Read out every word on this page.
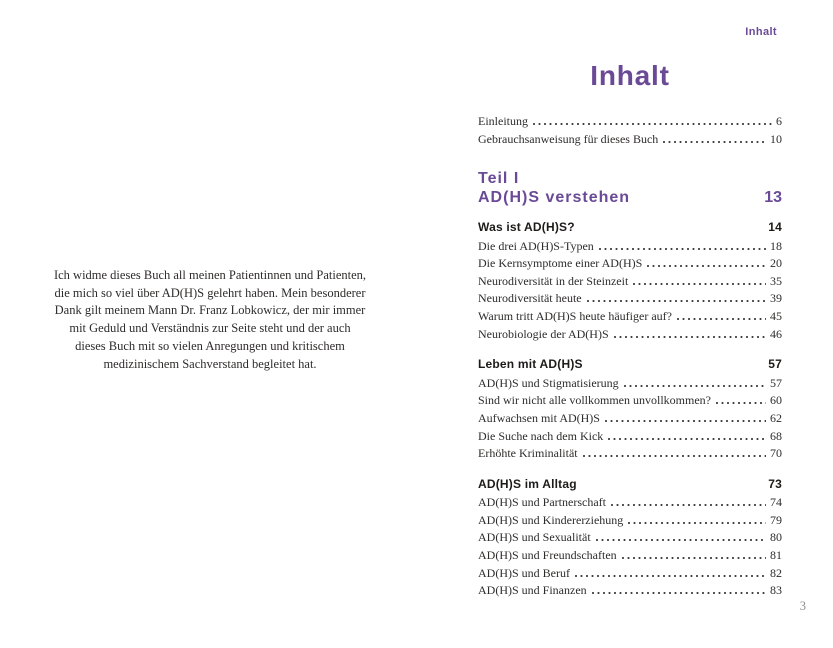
Ich widme dieses Buch all meinen Patientinnen und Patienten,
die mich so viel über AD(H)S gelehrt haben. Mein besonderer
Dank gilt meinem Mann Dr. Franz Lobkowicz, der mir immer
mit Geduld und Verständnis zur Seite steht und der auch
dieses Buch mit so vielen Anregungen und kritischem
medizinischem Sachverstand begleitet hat.
Inhalt
Inhalt
Einleitung	6
Gebrauchsanweisung für dieses Buch	10
Teil I
AD(H)S verstehen	13
Was ist AD(H)S?	14
Die drei AD(H)S-Typen	18
Die Kernsymptome einer AD(H)S	20
Neurodiversität in der Steinzeit	35
Neurodiversität heute	39
Warum tritt AD(H)S heute häufiger auf?	45
Neurobiologie der AD(H)S	46
Leben mit AD(H)S	57
AD(H)S und Stigmatisierung	57
Sind wir nicht alle vollkommen unvollkommen?	60
Aufwachsen mit AD(H)S	62
Die Suche nach dem Kick	68
Erhöhte Kriminalität	70
AD(H)S im Alltag	73
AD(H)S und Partnerschaft	74
AD(H)S und Kindererziehung	79
AD(H)S und Sexualität	80
AD(H)S und Freundschaften	81
AD(H)S und Beruf	82
AD(H)S und Finanzen	83
3
